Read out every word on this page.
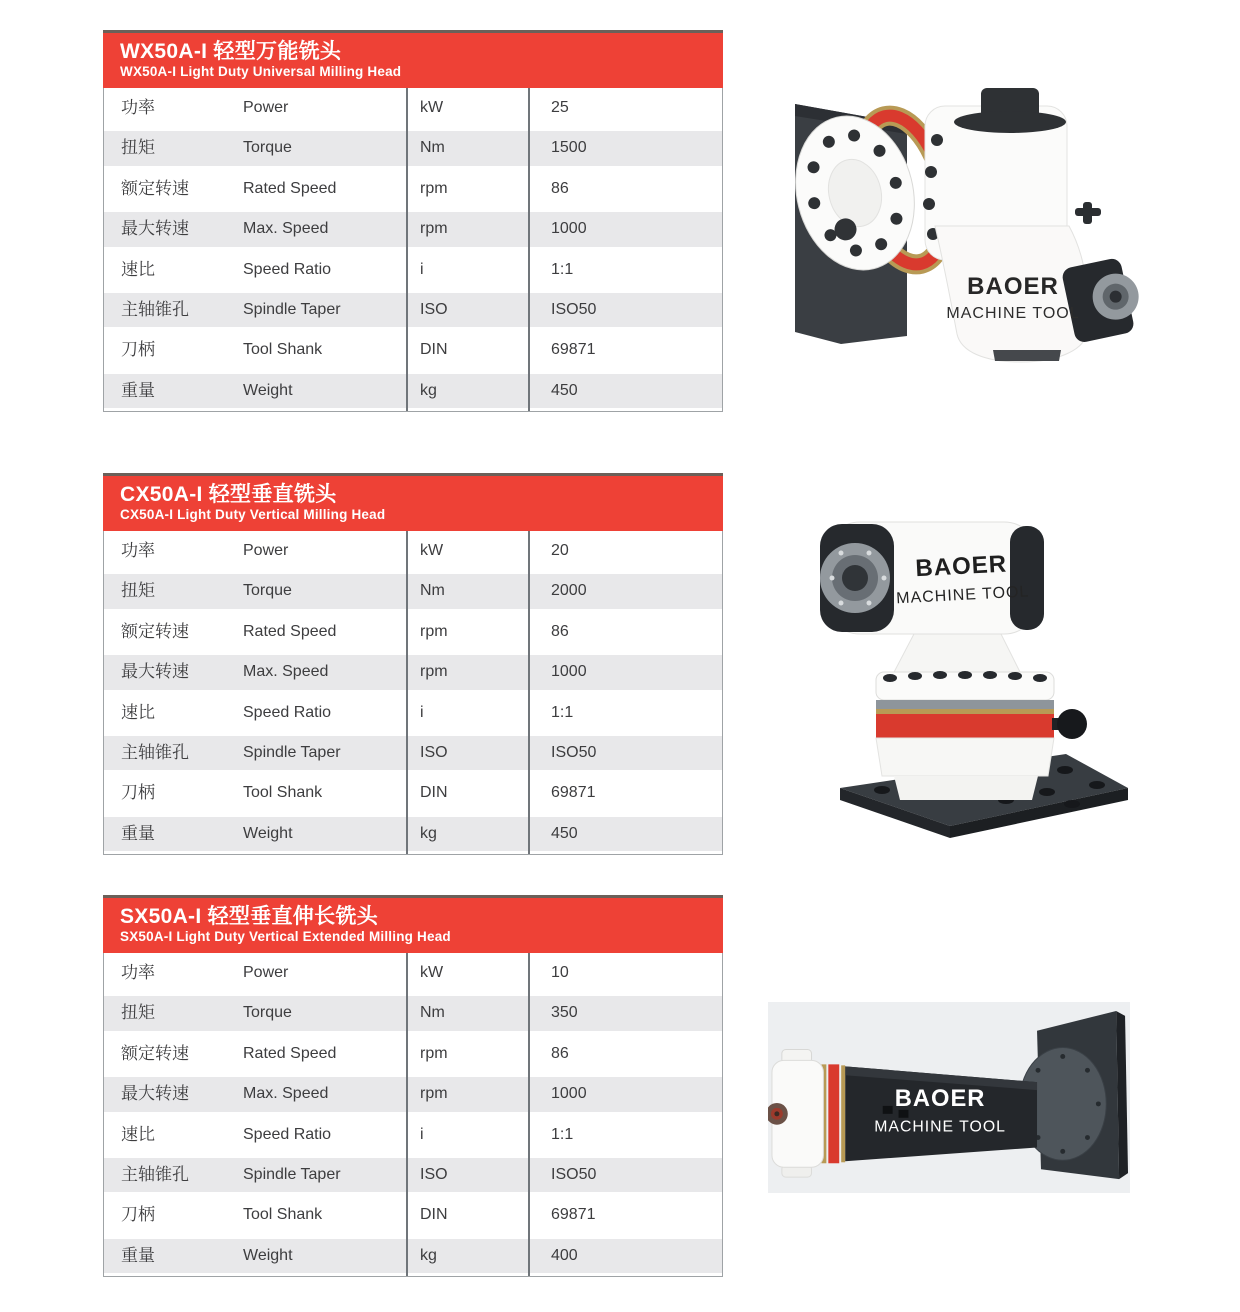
WX50A-I 轻型万能铣头

WX50A-I Light Duty Universal Milling Head

功率	Power	kW	25
扭矩	Torque	Nm	1500
额定转速	Rated Speed	rpm	86
最大转速	Max. Speed	rpm	1000
速比	Speed Ratio	i	1:1
主轴锥孔	Spindle Taper	ISO	ISO50
刀柄	Tool Shank	DIN	69871
重量	Weight	kg	450
BAOER
MACHINE TOOL
CX50A-I 轻型垂直铣头

CX50A-I Light Duty Vertical Milling Head

功率	Power	kW	20
扭矩	Torque	Nm	2000
额定转速	Rated Speed	rpm	86
最大转速	Max. Speed	rpm	1000
速比	Speed Ratio	i	1:1
主轴锥孔	Spindle Taper	ISO	ISO50
刀柄	Tool Shank	DIN	69871
重量	Weight	kg	450
BAOER
MACHINE TOOL
SX50A-I 轻型垂直伸长铣头

SX50A-I Light Duty Vertical Extended Milling Head

功率	Power	kW	10
扭矩	Torque	Nm	350
额定转速	Rated Speed	rpm	86
最大转速	Max. Speed	rpm	1000
速比	Speed Ratio	i	1:1
主轴锥孔	Spindle Taper	ISO	ISO50
刀柄	Tool Shank	DIN	69871
重量	Weight	kg	400
BAOER
MACHINE TOOL
